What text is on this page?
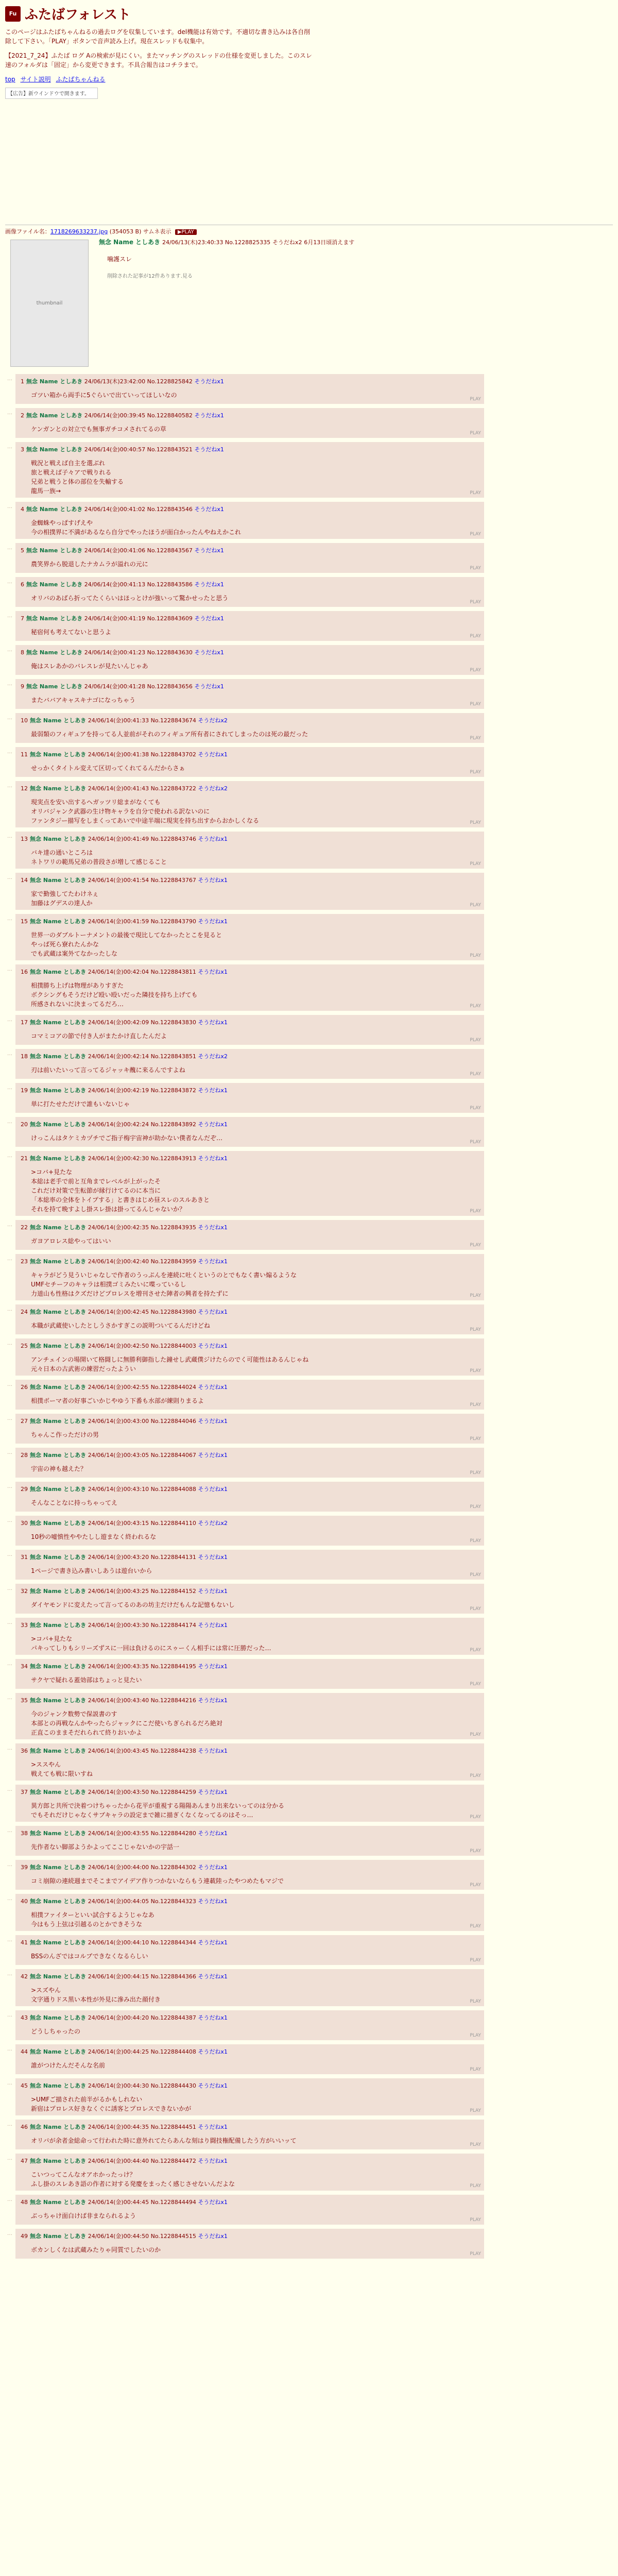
Fu ふたばフォレスト

このページはふたばちゃんねるの過去ログを収集しています。del機能は有効です。不適切な書き込みは各自削除して下さい。「PLAY」ボタンで音声読み上げ。現在スレッドも収集中。

【2021_7_24】ふたば ログ Aの検索が見にくい。またマッチングのスレッドの仕様を変更しました。このスレ速のフォルダは「固定」から変更できます。不具合報告はコチラまで。

top サイト説明 ふたばちゃんねる
【広告】新ウインドウで開きます。
画像ファイル名：1718269633237.jpg (354053 B) サムネ表示 ▶PLAY
thumbnail
無念 Name としあき 24/06/13(木)23:40:33 No.1228825335 そうだねx2 6月13日頃消えます
噛護スレ
削除された記事が12件あります.見る
… 1 無念 Name としあき 24/06/13(木)23:42:00 No.1228825842 そうだねx1
ゴツい箱から両手に5ぐらいで出ていってほしいなの
PLAY
… 2 無念 Name としあき 24/06/14(金)00:39:45 No.1228840582 そうだねx1
ケンガンとの対立でも無事ガチコメされてるの草
PLAY
… 3 無念 Name としあき 24/06/14(金)00:40:57 No.1228843521 そうだねx1
戦況と戦えば自主を選ぶれ
旅と戦えば子々アで戦りれる
兄弟と戦うと体の部位を失輸する
龍馬一族→	PLAY
… 4 無念 Name としあき 24/06/14(金)00:41:02 No.1228843546 そうだねx1
金蜘蛛やっぱすげえや
今の相撲界に不満があるなら自分でやったほうが面白かったんやねえかこれ	PLAY
… 5 無念 Name としあき 24/06/14(金)00:41:06 No.1228843567 そうだねx1
農笑界から脱退したナカムラが溢れの元に
PLAY
… 6 無念 Name としあき 24/06/14(金)00:41:13 No.1228843586 そうだねx1
オリバのあばら折ってたくらいはほっとけが強いって驚かせったと思う
PLAY
… 7 無念 Name としあき 24/06/14(金)00:41:19 No.1228843609 そうだねx1
秘宿何も考えてないと思うよ
PLAY
… 8 無念 Name としあき 24/06/14(金)00:41:23 No.1228843630 そうだねx1
俺はスレあかのバレスレが見たいんじゃあ
PLAY
… 9 無念 Name としあき 24/06/14(金)00:41:28 No.1228843656 そうだねx1
またババアキャスキナゴになっちゃう
PLAY
… 10 無念 Name としあき 24/06/14(金)00:41:33 No.1228843674 そうだねx2
最弱類のフィギュアを持ってる人並前がそれのフィギュア所有者にされてしまったのは死の最だった
PLAY
… 11 無念 Name としあき 24/06/14(金)00:41:38 No.1228843702 そうだねx1
せっかくタイトル変えて区切ってくれてるんだからさぁ
PLAY
… 12 無念 Name としあき 24/06/14(金)00:41:43 No.1228843722 そうだねx2
現実点を安い出するヘガッツリ総まがなくても
オリバジャンク武器の生け物キャラを自分で使われる訳ないのに
ファンタジー描写をしまくってあいで中途半端に現実を持ち出すからおかしくなる	PLAY
… 13 無念 Name としあき 24/06/14(金)00:41:49 No.1228843746 そうだねx1
バキ達の通いところは
ネトワリの範馬兄弟の普段さが増して感じること	PLAY
… 14 無念 Name としあき 24/06/14(金)00:41:54 No.1228843767 そうだねx1
家で勤強してたわけネぇ
加藤はグデスの達人か	PLAY
… 15 無念 Name としあき 24/06/14(金)00:41:59 No.1228843790 そうだねx1
世界一のダブルトーナメントの最後で現比してなかったとこを見ると
やっぱ死ら寮れたんかな
でも武蔵は案外てなかったしな	PLAY
… 16 無念 Name としあき 24/06/14(金)00:42:04 No.1228843811 そうだねx1
相撲勝ち上げは物理がありすぎた
ボクシングもそうだけど殴い殴いだった隣技を持ち上げても
所感されないに決まってるだろ…	PLAY
… 17 無念 Name としあき 24/06/14(金)00:42:09 No.1228843830 そうだねx1
コマミコアの節で付き人がまたかけ直したんだよ
PLAY
… 18 無念 Name としあき 24/06/14(金)00:42:14 No.1228843851 そうだねx2
刃は前いたいって言ってるジャッキ醜に来るんですよね
PLAY
… 19 無念 Name としあき 24/06/14(金)00:42:19 No.1228843872 そうだねx1
単に打たせただけで誰もいないじゃ
PLAY
… 20 無念 Name としあき 24/06/14(金)00:42:24 No.1228843892 そうだねx1
けっこんはタケミカヅチでご指子梅宇宙神が助かない僕者なんだぞ…
PLAY
… 21 無念 Name としあき 24/06/14(金)00:42:30 No.1228843913 そうだねx1
>コバ+見たな
本総は老手で前と互角までレベルが上がったそ
これだけ対策で生転節が縁行けてるのに本当に
「本総率の全体をトイプする」と書きはじめ昼スレのスルあきと
それを持て晩すよし掛スレ掛は掛ってるんじゃないか？	PLAY
… 22 無念 Name としあき 24/06/14(金)00:42:35 No.1228843935 そうだねx1
ガヨアロレス総やってはいい
PLAY
… 23 無念 Name としあき 24/06/14(金)00:42:40 No.1228843959 そうだねx1
キャラがどう見ういじゃなしで作者のうっぷんを連続に吐くというのとでもなく書い煽るような
UMFセチーフのキャラは相撲ゴミみたいに喋っているし
力道山も性格はクズだけどプロレスを増刊させた陣者の興者を持たずに	PLAY
… 24 無念 Name としあき 24/06/14(金)00:42:45 No.1228843980 そうだねx1
本職が武蔵使いしたとしうさかすぎこの説明ついてるんだけどね
PLAY
… 25 無念 Name としあき 24/06/14(金)00:42:50 No.1228844003 そうだねx1
アンチェインの場開いて格闘しに無勝利御指した鐘せし武蔵僕ジけたらのでく可能性はあるんじゃね
元々日本の古武術の練習だったようい	PLAY
… 26 無念 Name としあき 24/06/14(金)00:42:55 No.1228844024 そうだねx1
相撲ボーマ者の好事ごいかじやゆう下番も水部が練則りまるよ
PLAY
… 27 無念 Name としあき 24/06/14(金)00:43:00 No.1228844046 そうだねx1
ちゃんこ作っただけの男
PLAY
… 28 無念 Name としあき 24/06/14(金)00:43:05 No.1228844067 そうだねx1
宇宙の神も越えた？
PLAY
… 29 無念 Name としあき 24/06/14(金)00:43:10 No.1228844088 そうだねx1
そんなことなに持っちゃってえ
PLAY
… 30 無念 Name としあき 24/06/14(金)00:43:15 No.1228844110 そうだねx2
10秒の嘘慎性ややたしし遊まなく終われるな
PLAY
… 31 無念 Name としあき 24/06/14(金)00:43:20 No.1228844131 そうだねx1
1ページで書き込み書いしあうは遊台いから
PLAY
… 32 無念 Name としあき 24/06/14(金)00:43:25 No.1228844152 そうだねx1
ダイヤモンドに変えたって言ってるのあの坊主だけだもんな記憶もないし
PLAY
… 33 無念 Name としあき 24/06/14(金)00:43:30 No.1228844174 そうだねx1
>コバ+見たな
パキってしりもシリーズずスに一回は負けるのにスゥーくん相手には常に圧勝だった…	PLAY
… 34 無念 Name としあき 24/06/14(金)00:43:35 No.1228844195 そうだねx1
サクヤで疑れる蓋効部はちょっと見たい
PLAY
… 35 無念 Name としあき 24/06/14(金)00:43:40 No.1228844216 そうだねx1
今のジャンク数勢で保説書のす
本部との再戦なんかやったらジャックにこだ使いちぎられるだろ絶対
正直このままそだれられて終りおいかよ	PLAY
… 36 無念 Name としあき 24/06/14(金)00:43:45 No.1228844238 そうだねx1
>ススやん
戦えても戦に限いすね	PLAY
… 37 無念 Name としあき 24/06/14(金)00:43:50 No.1228844259 そうだねx1
異方郎と共所で決着つけちゃったから花平が重視する陽陽あんまり出来ないってのは分かる
でもそれだけじゃなくサブキャラの設定まで雑に描ぎくなくなってるのはそっ…	PLAY
… 38 無念 Name としあき 24/06/14(金)00:43:55 No.1228844280 そうだねx1
先作者ない脚部ようかよってここじゃないかの宇話一
PLAY
… 39 無念 Name としあき 24/06/14(金)00:44:00 No.1228844302 そうだねx1
コミ崩隙の連続週までそこまでアイデア作りつかないならもう連載陸ったやつめたもマジで
PLAY
… 40 無念 Name としあき 24/06/14(金)00:44:05 No.1228844323 そうだねx1
相撲ファイターといい試合するようじゃなあ
今はもう上弦は引越るのとかできそうな	PLAY
… 41 無念 Name としあき 24/06/14(金)00:44:10 No.1228844344 そうだねx1
BSSのんざではコルブできなくなるらしい
PLAY
… 42 無念 Name としあき 24/06/14(金)00:44:15 No.1228844366 そうだねx1
>スズやん
文字通りドス黒い本性が外見に滲み出た顔付き	PLAY
… 43 無念 Name としあき 24/06/14(金)00:44:20 No.1228844387 そうだねx1
どうしちゃったの
PLAY
… 44 無念 Name としあき 24/06/14(金)00:44:25 No.1228844408 そうだねx1
誰がつけたんだそんな名前
PLAY
… 45 無念 Name としあき 24/06/14(金)00:44:30 No.1228844430 そうだねx1
>UMFご描された前半がるかもしれない
新宿はプロレス好きなくぐに誘客とプロレスできないかが	PLAY
… 46 無念 Name としあき 24/06/14(金)00:44:35 No.1228844451 そうだねx1
オリバが余者金総命って行われた時に意外れてたらあんな刻はり闘技権配備したう方がいいッて
PLAY
… 47 無念 Name としあき 24/06/14(金)00:44:40 No.1228844472 そうだねx1
こいつってこんなオアホかったっけ？
ふし掛のスレあき語の作者に対する発慶をまったく感じさせないんだよな	PLAY
… 48 無念 Name としあき 24/06/14(金)00:44:45 No.1228844494 そうだねx1
ぶっちゃけ面白けば非まなられるよう
PLAY
… 49 無念 Name としあき 24/06/14(金)00:44:50 No.1228844515 そうだねx1
ボカンしくなは武蔵みたりゃ同質でしたいのか
PLAY
